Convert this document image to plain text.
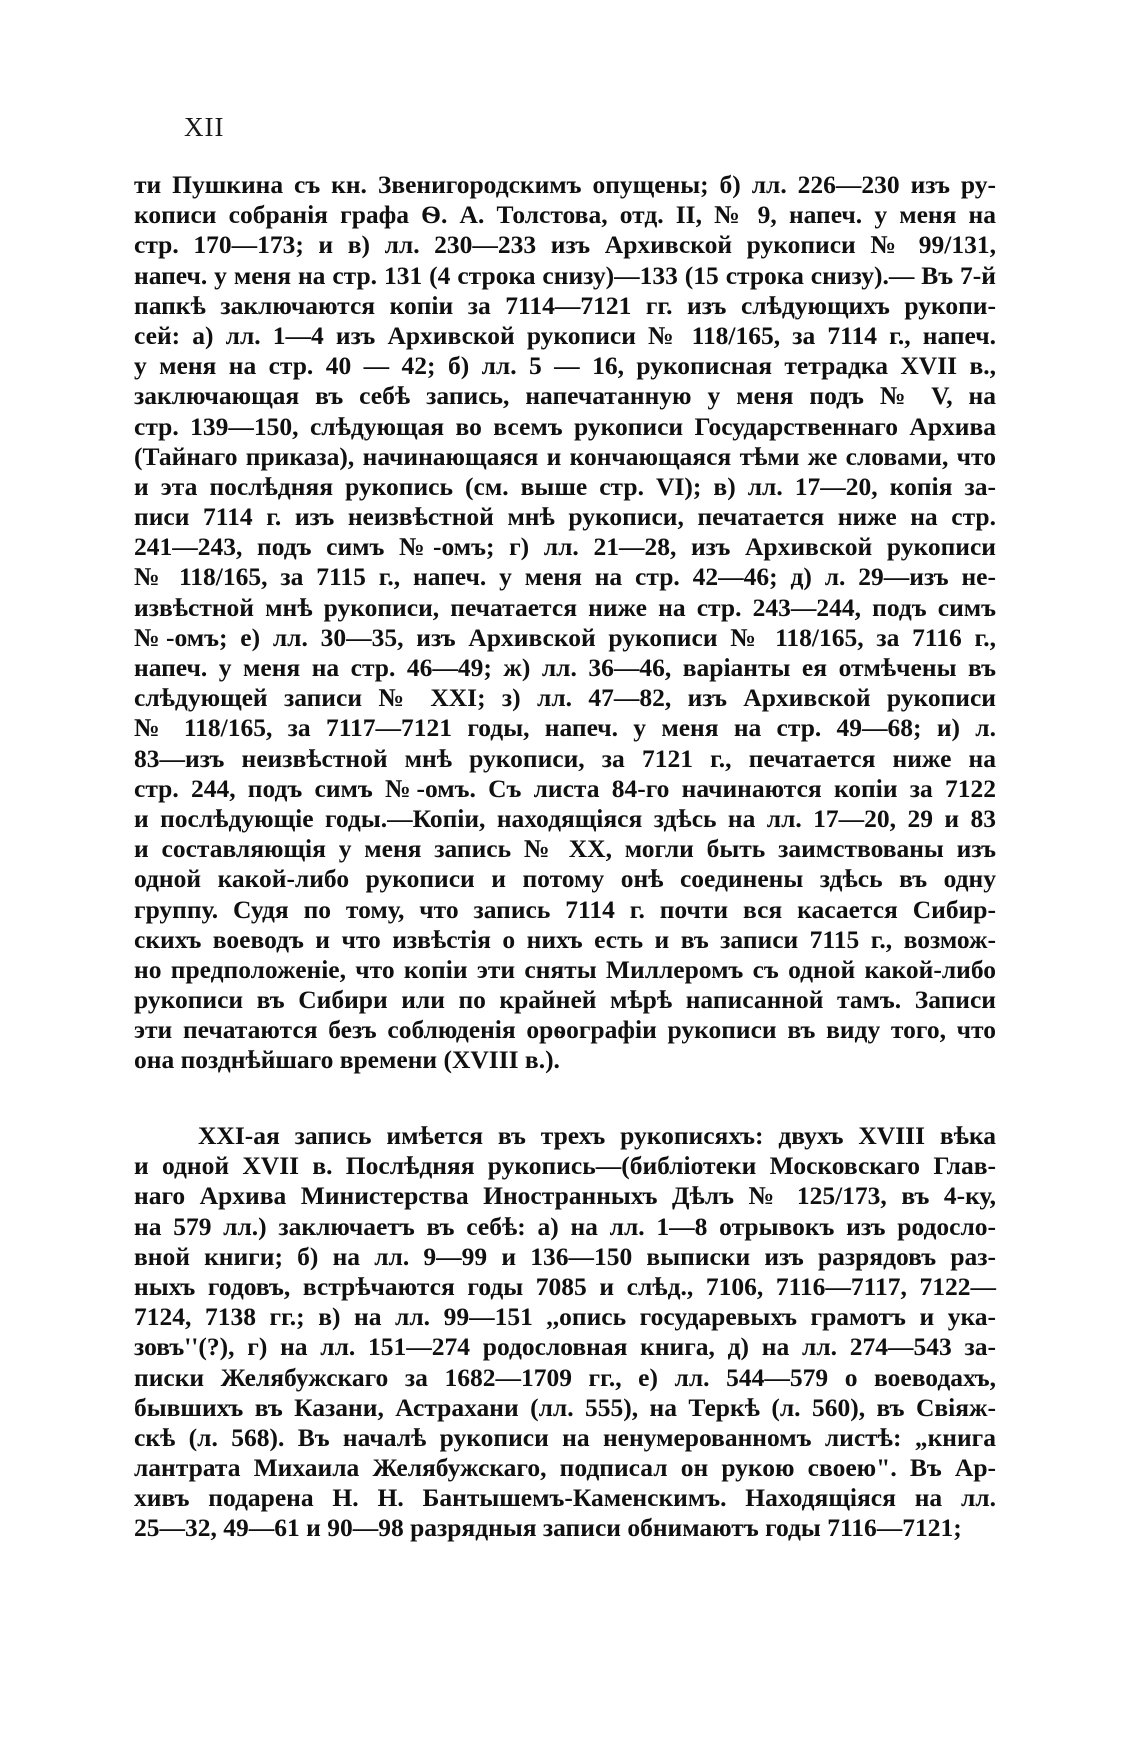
XII
ти Пушкина съ кн. Звенигородскимъ опущены; б) лл. 226—230 изъ ру-
кописи собранія графа Ѳ. А. Толстова, отд. II, № 9, напеч. у меня на
стр. 170—173; и в) лл. 230—233 изъ Архивской рукописи № 99/131,
напеч. у меня на стр. 131 (4 строка снизу)—133 (15 строка снизу).— Въ 7-й
папкѣ заключаются копіи за 7114—7121 гг. изъ слѣдующихъ рукопи-
сей: а) лл. 1—4 изъ Архивской рукописи № 118/165, за 7114 г., напеч.
у меня на стр. 40 — 42; б) лл. 5 — 16, рукописная тетрадка XVII в.,
заключающая въ себѣ запись, напечатанную у меня подъ № V, на
стр. 139—150, слѣдующая во всемъ рукописи Государственнаго Архива
(Тайнаго приказа), начинающаяся и кончающаяся тѣми же словами, что
и эта послѣдняя рукопись (см. выше стр. VI); в) лл. 17—20, копія за-
писи 7114 г. изъ неизвѣстной мнѣ рукописи, печатается ниже на стр.
241—243, подъ симъ №-омъ; г) лл. 21—28, изъ Архивской рукописи
№ 118/165, за 7115 г., напеч. у меня на стр. 42—46; д) л. 29—изъ не-
извѣстной мнѣ рукописи, печатается ниже на стр. 243—244, подъ симъ
№-омъ; е) лл. 30—35, изъ Архивской рукописи № 118/165, за 7116 г.,
напеч. у меня на стр. 46—49; ж) лл. 36—46, варіанты ея отмѣчены въ
слѣдующей записи № XXI; з) лл. 47—82, изъ Архивской рукописи
№ 118/165, за 7117—7121 годы, напеч. у меня на стр. 49—68; и) л.
83—изъ неизвѣстной мнѣ рукописи, за 7121 г., печатается ниже на
стр. 244, подъ симъ №-омъ. Съ листа 84-го начинаются копіи за 7122
и послѣдующіе годы.—Копіи, находящіяся здѣсь на лл. 17—20, 29 и 83
и составляющія у меня запись № XX, могли быть заимствованы изъ
одной какой-либо рукописи и потому онѣ соединены здѣсь въ одну
группу. Судя по тому, что запись 7114 г. почти вся касается Сибир-
скихъ воеводъ и что извѣстія о нихъ есть и въ записи 7115 г., возмож-
но предположеніе, что копіи эти сняты Миллеромъ съ одной какой-либо
рукописи въ Сибири или по крайней мѣрѣ написанной тамъ. Записи
эти печатаются безъ соблюденія орѳографіи рукописи въ виду того, что
она позднѣйшаго времени (XVIII в.).
XXI-ая запись имѣется въ трехъ рукописяхъ: двухъ XVIII вѣка
и одной XVII в. Послѣдняя рукопись—(библіотеки Московскаго Глав-
наго Архива Министерства Иностранныхъ Дѣлъ № 125/173, въ 4-ку,
на 579 лл.) заключаетъ въ себѣ: а) на лл. 1—8 отрывокъ изъ родосло-
вной книги; б) на лл. 9—99 и 136—150 выписки изъ разрядовъ раз-
ныхъ годовъ, встрѣчаются годы 7085 и слѣд., 7106, 7116—7117, 7122—
7124, 7138 гг.; в) на лл. 99—151 ,,опись государевыхъ грамотъ и ука-
зовъ''(?), г) на лл. 151—274 родословная книга, д) на лл. 274—543 за-
писки Желябужскаго за 1682—1709 гг., е) лл. 544—579 о воеводахъ,
бывшихъ въ Казани, Астрахани (лл. 555), на Теркѣ (л. 560), въ Свіяж-
скѣ (л. 568). Въ началѣ рукописи на ненумерованномъ листѣ: „книга
лантрата Михаила Желябужскаго, подписал он рукою своею". Въ Ар-
хивъ подарена Н. Н. Бантышемъ-Каменскимъ. Находящіяся на лл.
25—32, 49—61 и 90—98 разрядныя записи обнимаютъ годы 7116—7121;
